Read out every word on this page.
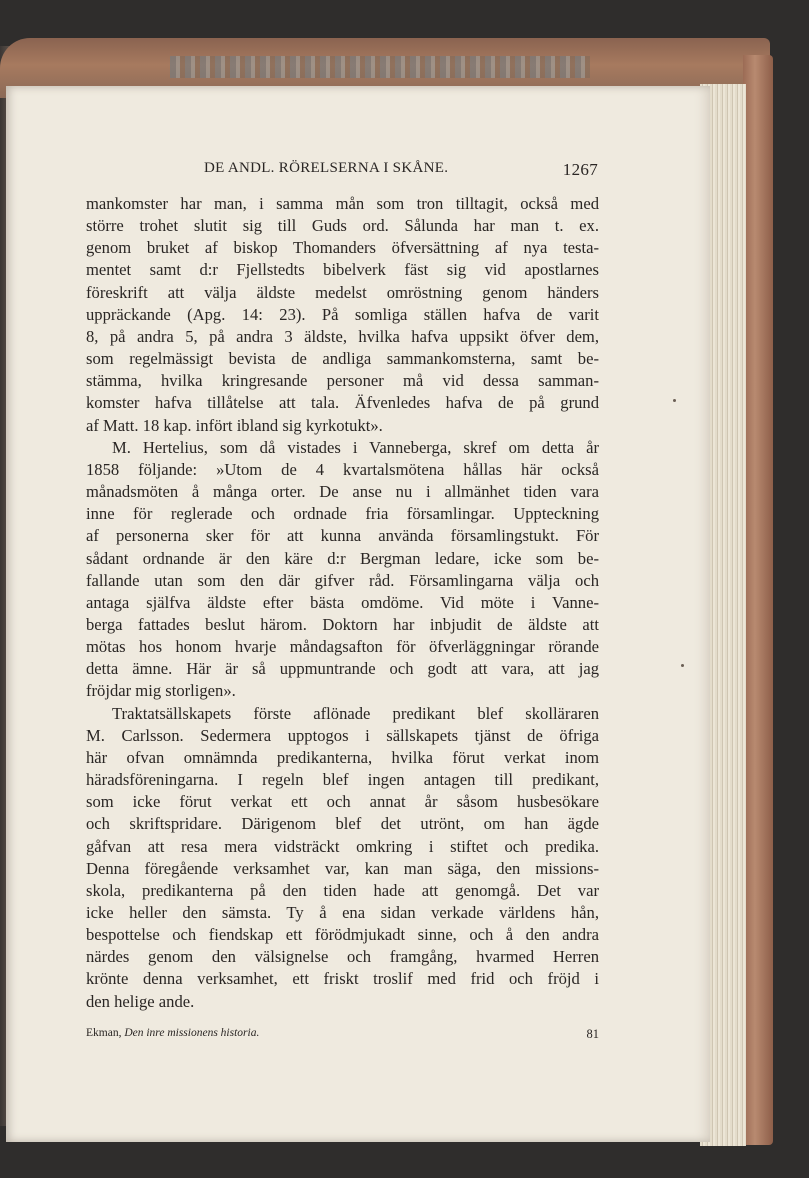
DE ANDL. RÖRELSERNA I SKÅNE.	1267

mankomster har man, i samma mån som tron tilltagit, också med
större trohet slutit sig till Guds ord. Sålunda har man t. ex.
genom bruket af biskop Thomanders öfversättning af nya testa-
mentet samt d:r Fjellstedts bibelverk fäst sig vid apostlarnes
föreskrift att välja äldste medelst omröstning genom händers
uppräckande (Apg. 14: 23). På somliga ställen hafva de varit
8, på andra 5, på andra 3 äldste, hvilka hafva uppsikt öfver dem,
som regelmässigt bevista de andliga sammankomsterna, samt be-
stämma, hvilka kringresande personer må vid dessa samman-
komster hafva tillåtelse att tala. Äfvenledes hafva de på grund

af Matt. 18 kap. infört ibland sig kyrkotukt».

M. Hertelius, som då vistades i Vanneberga, skref om detta år

1858 följande: »Utom de 4 kvartalsmötena hållas här också
månadsmöten å många orter. De anse nu i allmänhet tiden vara
inne för reglerade och ordnade fria församlingar. Uppteckning
af personerna sker för att kunna använda församlingstukt. För
sådant ordnande är den käre d:r Bergman ledare, icke som be-
fallande utan som den där gifver råd. Församlingarna välja och
antaga själfva äldste efter bästa omdöme. Vid möte i Vanne-
berga fattades beslut härom. Doktorn har inbjudit de äldste att
mötas hos honom hvarje måndagsafton för öfverläggningar rörande
detta ämne. Här är så uppmuntrande och godt att vara, att jag

fröjdar mig storligen».

Traktatsällskapets förste aflönade predikant blef skolläraren

M. Carlsson. Sedermera upptogos i sällskapets tjänst de öfriga
här ofvan omnämnda predikanterna, hvilka förut verkat inom
häradsföreningarna. I regeln blef ingen antagen till predikant,
som icke förut verkat ett och annat år såsom husbesökare
och skriftspridare. Därigenom blef det utrönt, om han ägde
gåfvan att resa mera vidsträckt omkring i stiftet och predika.
Denna föregående verksamhet var, kan man säga, den missions-
skola, predikanterna på den tiden hade att genomgå. Det var
icke heller den sämsta. Ty å ena sidan verkade världens hån,
bespottelse och fiendskap ett förödmjukadt sinne, och å den andra
närdes genom den välsignelse och framgång, hvarmed Herren
krönte denna verksamhet, ett friskt troslif med frid och fröjd i

den helige ande.

Ekman, Den inre missionens historia.	81
